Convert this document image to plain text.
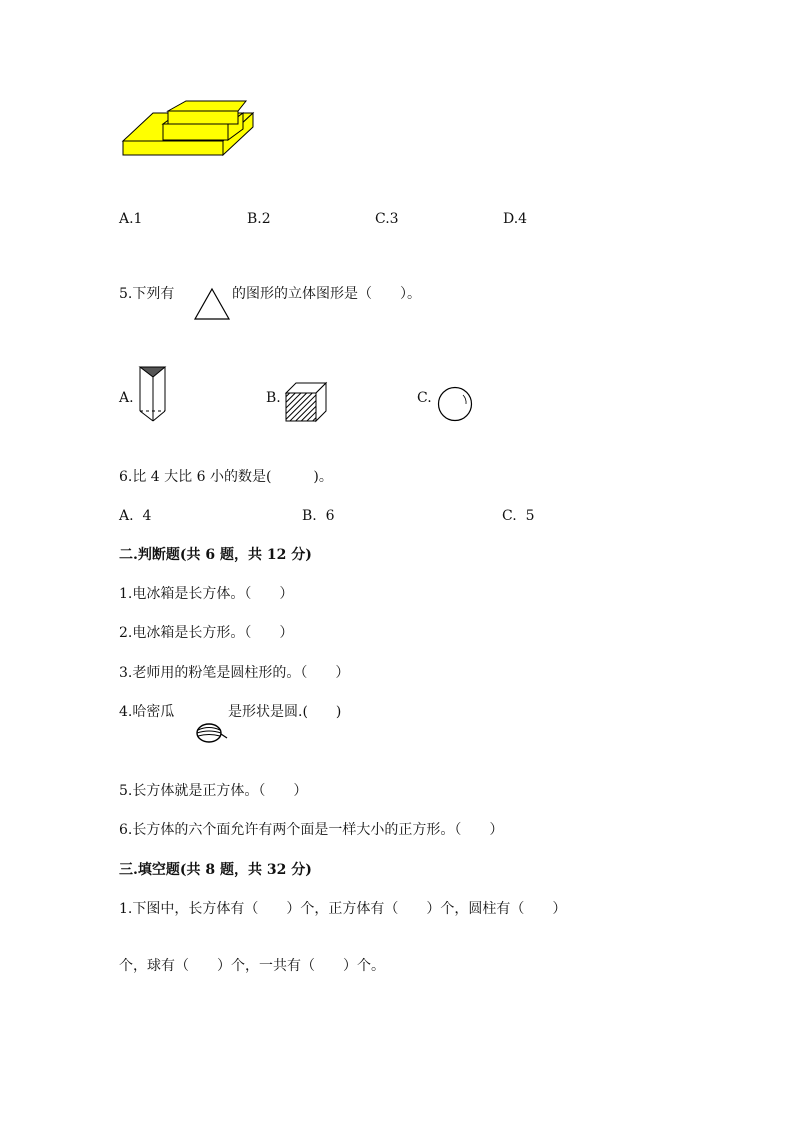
A.1	B.2	C.3	D.4
5.下列有	的图形的立体图形是（　　）。
A.	B.	C.
6.比 4 大比 6 小的数是(　　　)。
A.  4	B.  6	C.  5
二.判断题(共 6 题，共 12 分)
1.电冰箱是长方体。（　　）
2.电冰箱是长方形。（　　）
3.老师用的粉笔是圆柱形的。（　　）
4.哈密瓜	是形状是圆.(　　)
5.长方体就是正方体。（　　）
6.长方体的六个面允许有两个面是一样大小的正方形。（　　）
三.填空题(共 8 题，共 32 分)
1.下图中，长方体有（　　）个，正方体有（　　）个，圆柱有（　　）
个，球有（　　）个，一共有（　　）个。
